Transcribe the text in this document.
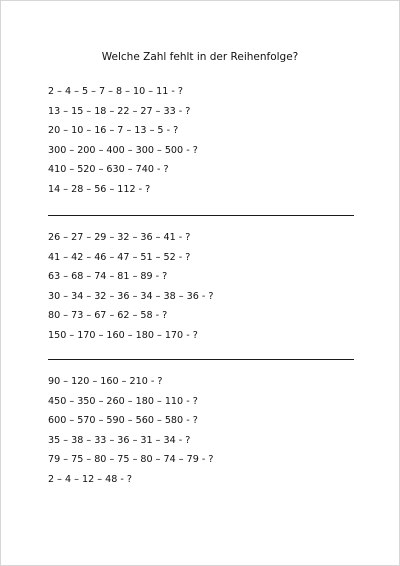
Welche Zahl fehlt in der Reihenfolge?
2 – 4 – 5 – 7 – 8 – 10 – 11 - ?
13 – 15 – 18 – 22 – 27 – 33 - ?
20 – 10 – 16 – 7 – 13 – 5 - ?
300 – 200 – 400 – 300 – 500 - ?
410 – 520 – 630 – 740 - ?
14 – 28 – 56 – 112 - ?
26 – 27 – 29 – 32 – 36 – 41 - ?
41 – 42 – 46 – 47 – 51 – 52 - ?
63 – 68 – 74 – 81 – 89 - ?
30 – 34 – 32 – 36 – 34 – 38 – 36 - ?
80 – 73 – 67 – 62 – 58 - ?
150 – 170 – 160 – 180 – 170 - ?
90 – 120 – 160 – 210 - ?
450 – 350 – 260 – 180 – 110 - ?
600 – 570 – 590 – 560 – 580 - ?
35 – 38 – 33 – 36 – 31 – 34 - ?
79 – 75 – 80 – 75 – 80 – 74 – 79 - ?
2 – 4 – 12 – 48 - ?
